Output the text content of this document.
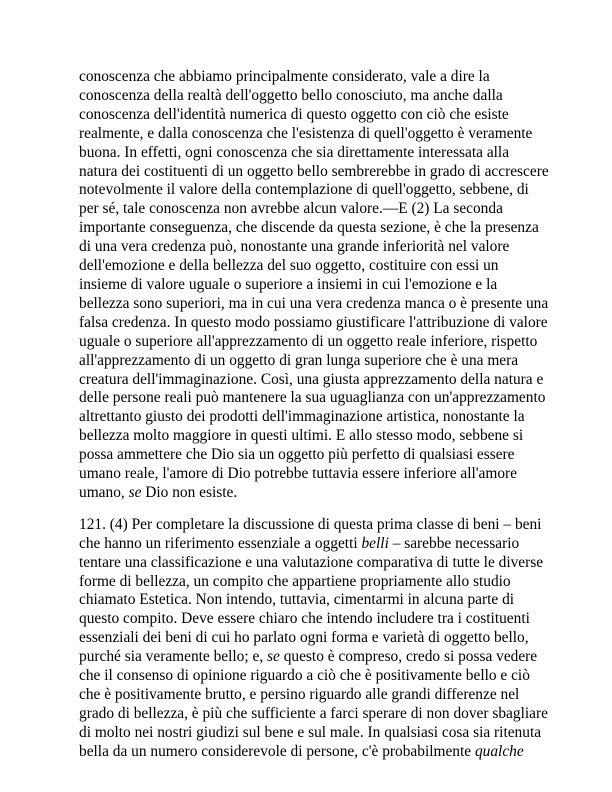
conoscenza che abbiamo principalmente considerato, vale a dire la
conoscenza della realtà dell'oggetto bello conosciuto, ma anche dalla
conoscenza dell'identità numerica di questo oggetto con ciò che esiste
realmente, e dalla conoscenza che l'esistenza di quell'oggetto è veramente
buona. In effetti, ogni conoscenza che sia direttamente interessata alla
natura dei costituenti di un oggetto bello sembrerebbe in grado di accrescere
notevolmente il valore della contemplazione di quell'oggetto, sebbene, di
per sé, tale conoscenza non avrebbe alcun valore.—E (2) La seconda
importante conseguenza, che discende da questa sezione, è che la presenza
di una vera credenza può, nonostante una grande inferiorità nel valore
dell'emozione e della bellezza del suo oggetto, costituire con essi un
insieme di valore uguale o superiore a insiemi in cui l'emozione e la
bellezza sono superiori, ma in cui una vera credenza manca o è presente una
falsa credenza. In questo modo possiamo giustificare l'attribuzione di valore
uguale o superiore all'apprezzamento di un oggetto reale inferiore, rispetto
all'apprezzamento di un oggetto di gran lunga superiore che è una mera
creatura dell'immaginazione. Così, una giusta apprezzamento della natura e
delle persone reali può mantenere la sua uguaglianza con un'apprezzamento
altrettanto giusto dei prodotti dell'immaginazione artistica, nonostante la
bellezza molto maggiore in questi ultimi. E allo stesso modo, sebbene si
possa ammettere che Dio sia un oggetto più perfetto di qualsiasi essere
umano reale, l'amore di Dio potrebbe tuttavia essere inferiore all'amore
umano, se Dio non esiste.

121. (4) Per completare la discussione di questa prima classe di beni – beni
che hanno un riferimento essenziale a oggetti belli – sarebbe necessario
tentare una classificazione e una valutazione comparativa di tutte le diverse
forme di bellezza, un compito che appartiene propriamente allo studio
chiamato Estetica. Non intendo, tuttavia, cimentarmi in alcuna parte di
questo compito. Deve essere chiaro che intendo includere tra i costituenti
essenziali dei beni di cui ho parlato ogni forma e varietà di oggetto bello,
purché sia veramente bello; e, se questo è compreso, credo si possa vedere
che il consenso di opinione riguardo a ciò che è positivamente bello e ciò
che è positivamente brutto, e persino riguardo alle grandi differenze nel
grado di bellezza, è più che sufficiente a farci sperare di non dover sbagliare
di molto nei nostri giudizi sul bene e sul male. In qualsiasi cosa sia ritenuta
bella da un numero considerevole di persone, c'è probabilmente qualche
